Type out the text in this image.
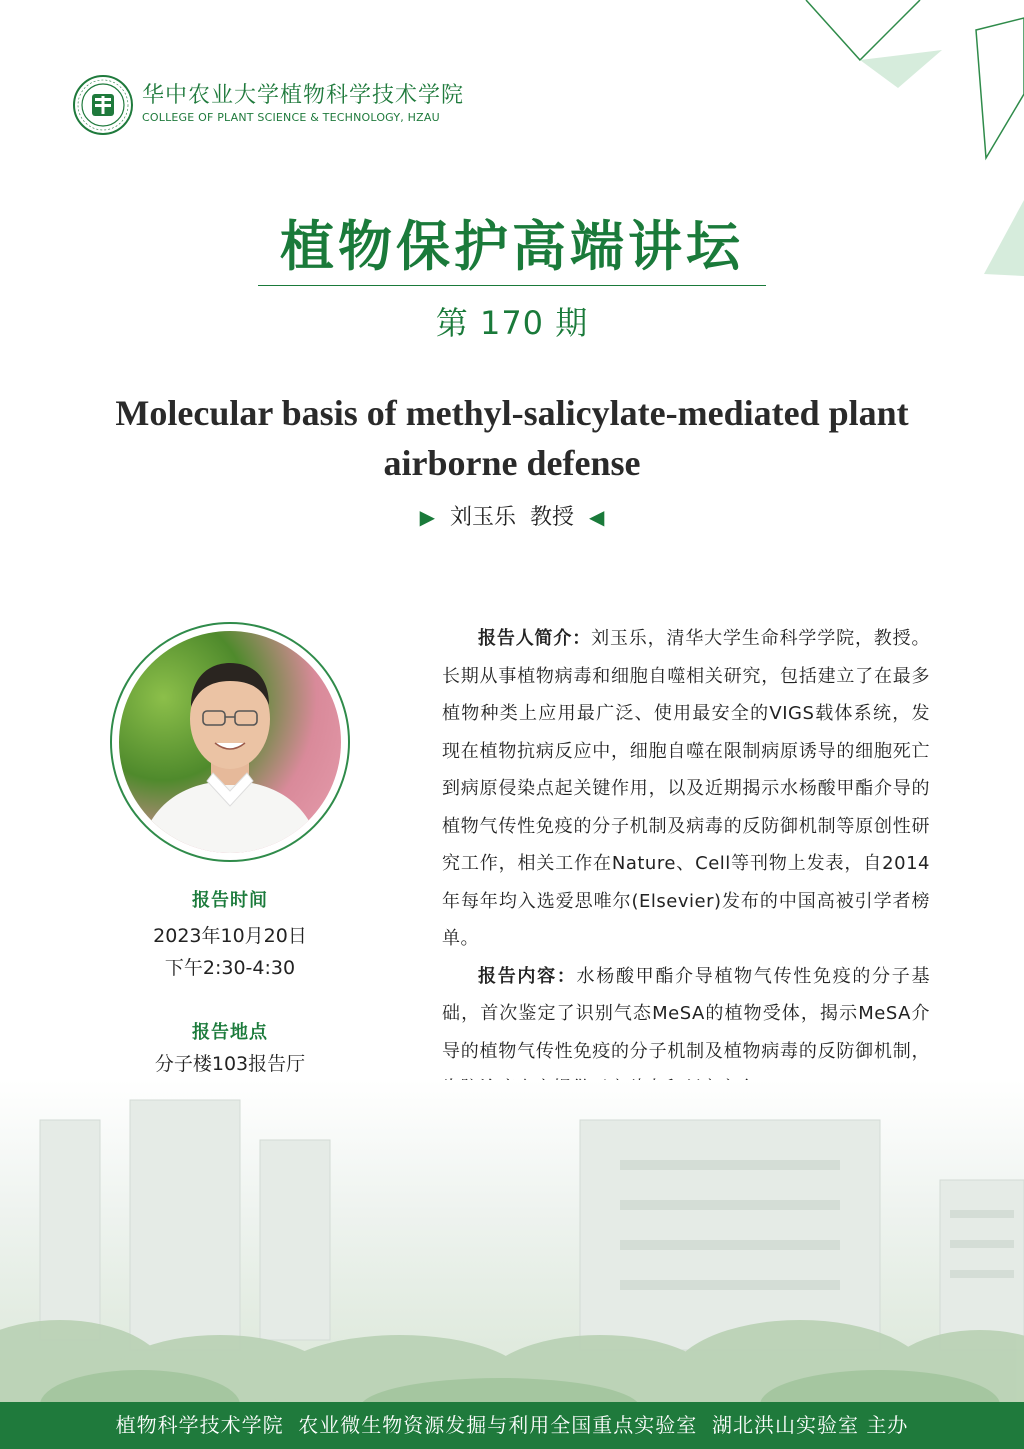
华中农业大学植物科学技术学院
COLLEGE OF PLANT SCIENCE & TECHNOLOGY, HZAU
植物保护高端讲坛
第 170 期
Molecular basis of methyl-salicylate-mediated plant airborne defense
▶ 刘玉乐  教授 ◀
报告时间
2023年10月20日
下午2:30-4:30
报告地点
分子楼103报告厅

报告人简介：刘玉乐，清华大学生命科学学院，教授。长期从事植物病毒和细胞自噬相关研究，包括建立了在最多植物种类上应用最广泛、使用最安全的VIGS载体系统，发现在植物抗病反应中，细胞自噬在限制病原诱导的细胞死亡到病原侵染点起关键作用，以及近期揭示水杨酸甲酯介导的植物气传性免疫的分子机制及病毒的反防御机制等原创性研究工作，相关工作在Nature、Cell等刊物上发表，自2014年每年均入选爱思唯尔(Elsevier)发布的中国高被引学者榜单。

报告内容：水杨酸甲酯介导植物气传性免疫的分子基础，首次鉴定了识别气态MeSA的植物受体，揭示MeSA介导的植物气传性免疫的分子机制及植物病毒的反防御机制，

植物科学技术学院  农业微生物资源发掘与利用全国重点实验室  湖北洪山实验室 主办
